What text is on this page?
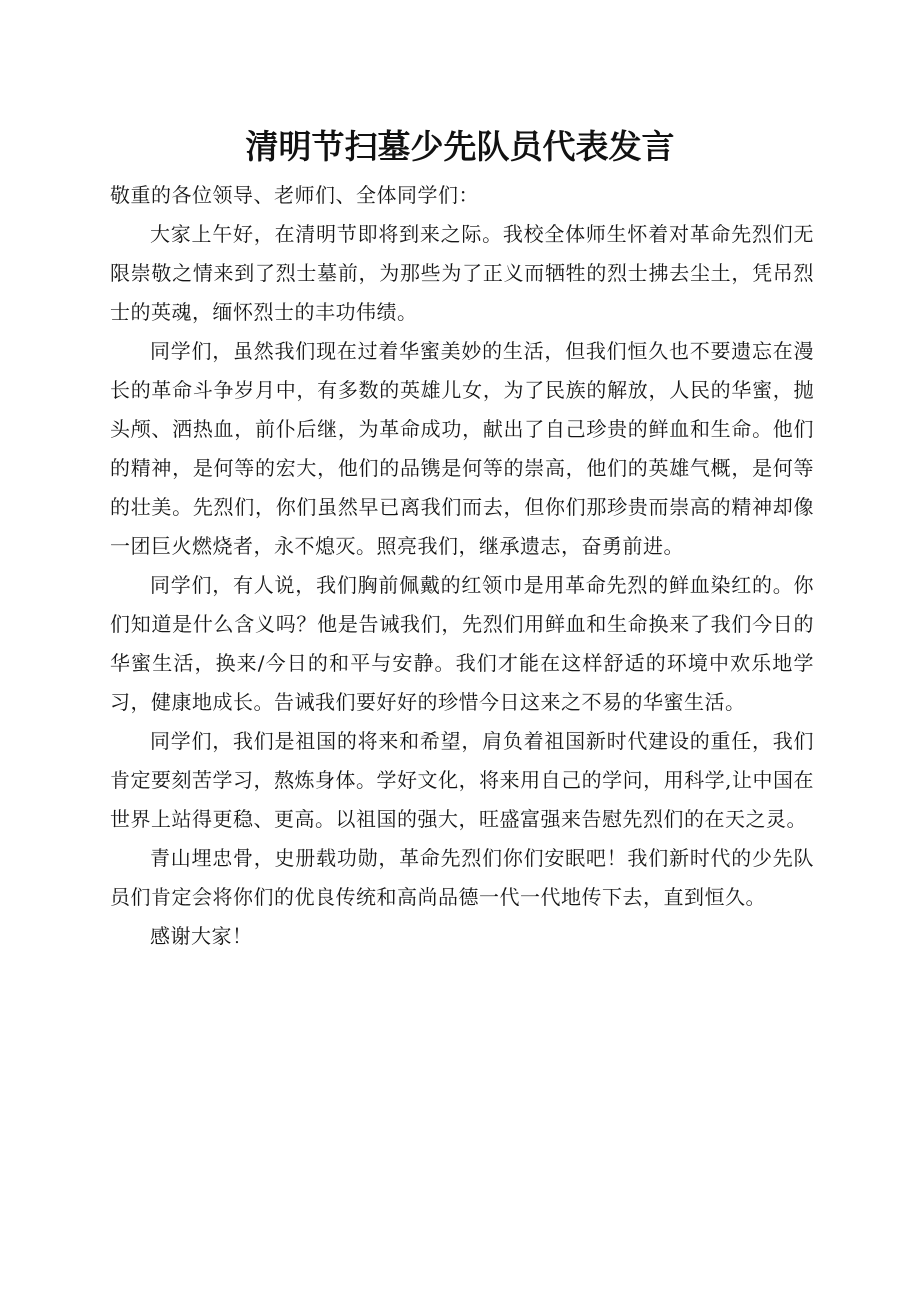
清明节扫墓少先队员代表发言

敬重的各位领导、老师们、全体同学们：

大家上午好，在清明节即将到来之际。我校全体师生怀着对革命先烈们无限崇敬之情来到了烈士墓前，为那些为了正义而牺牲的烈士拂去尘土，凭吊烈士的英魂，缅怀烈士的丰功伟绩。

同学们，虽然我们现在过着华蜜美妙的生活，但我们恒久也不要遗忘在漫长的革命斗争岁月中，有多数的英雄儿女，为了民族的解放，人民的华蜜，抛头颅、洒热血，前仆后继，为革命成功，献出了自己珍贵的鲜血和生命。他们的精神，是何等的宏大，他们的品镌是何等的崇高，他们的英雄气概，是何等的壮美。先烈们，你们虽然早已离我们而去，但你们那珍贵而崇高的精神却像一团巨火燃烧者，永不熄灭。照亮我们，继承遗志，奋勇前进。

同学们，有人说，我们胸前佩戴的红领巾是用革命先烈的鲜血染红的。你们知道是什么含义吗？他是告诫我们，先烈们用鲜血和生命换来了我们今日的华蜜生活，换来/今日的和平与安静。我们才能在这样舒适的环境中欢乐地学习，健康地成长。告诫我们要好好的珍惜今日这来之不易的华蜜生活。

同学们，我们是祖国的将来和希望，肩负着祖国新时代建设的重任，我们肯定要刻苦学习，熬炼身体。学好文化，将来用自己的学问，用科学,让中国在世界上站得更稳、更高。以祖国的强大，旺盛富强来告慰先烈们的在天之灵。

青山埋忠骨，史册载功勋，革命先烈们你们安眠吧！我们新时代的少先队员们肯定会将你们的优良传统和高尚品德一代一代地传下去，直到恒久。

感谢大家！
